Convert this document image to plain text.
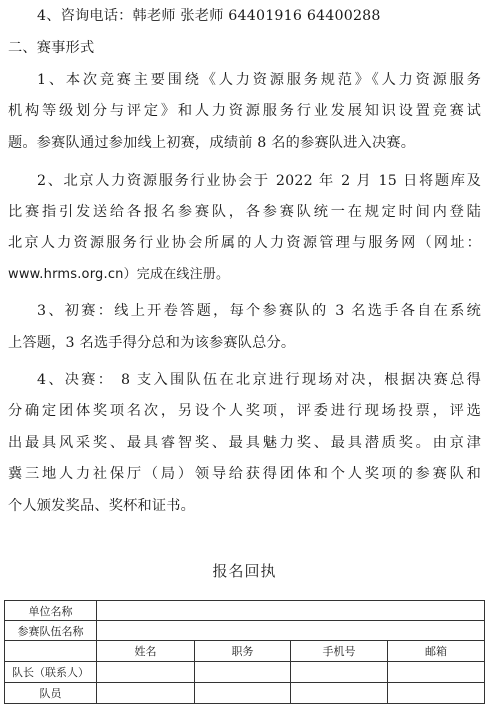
4、咨询电话：韩老师 张老师 64401916 64400288
二、赛事形式
1、本次竞赛主要围绕《人力资源服务规范》《人力资源服务
机构等级划分与评定》和人力资源服务行业发展知识设置竞赛试
题。参赛队通过参加线上初赛，成绩前 8 名的参赛队进入决赛。
2、北京人力资源服务行业协会于 2022 年 2 月 15 日将题库及
比赛指引发送给各报名参赛队，各参赛队统一在规定时间内登陆
北京人力资源服务行业协会所属的人力资源管理与服务网（网址：
www.hrms.org.cn）完成在线注册。
3、初赛：线上开卷答题，每个参赛队的 3 名选手各自在系统
上答题，3 名选手得分总和为该参赛队总分。
4、决赛： 8 支入围队伍在北京进行现场对决，根据决赛总得
分确定团体奖项名次，另设个人奖项，评委进行现场投票，评选
出最具风采奖、最具睿智奖、最具魅力奖、最具潜质奖。由京津
冀三地人力社保厅（局）领导给获得团体和个人奖项的参赛队和
个人颁发奖品、奖杯和证书。
报名回执
单位名称				
参赛队伍名称				
	姓名	职务	手机号	邮箱
队长（联系人）				
队员				
